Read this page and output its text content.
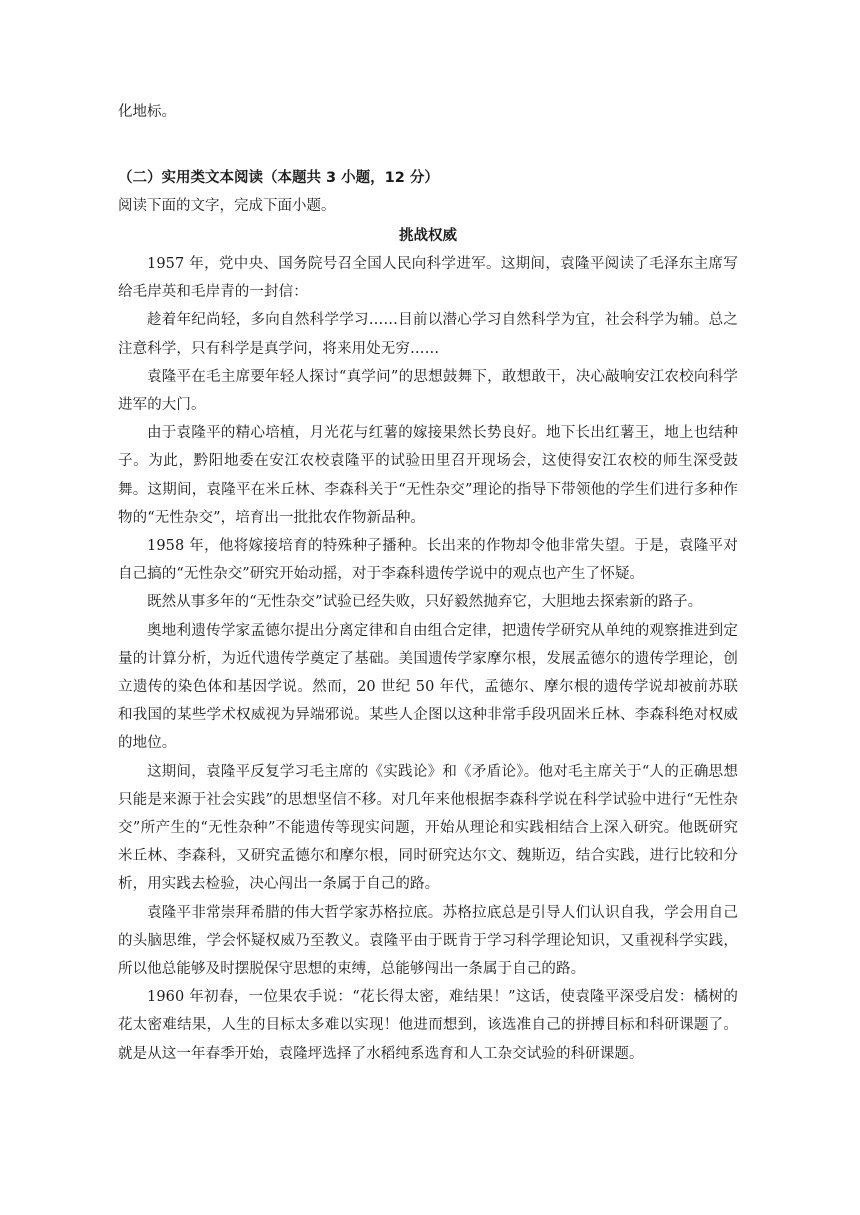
化地标。

（二）实用类文本阅读（本题共 3 小题，12 分）

阅读下面的文字，完成下面小题。

挑战权威

1957 年，党中央、国务院号召全国人民向科学进军。这期间，袁隆平阅读了毛泽东主席写给毛岸英和毛岸青的一封信：

趁着年纪尚轻，多向自然科学学习……目前以潜心学习自然科学为宜，社会科学为辅。总之注意科学，只有科学是真学问，将来用处无穷……

袁隆平在毛主席要年轻人探讨“真学问”的思想鼓舞下，敢想敢干，决心敲响安江农校向科学进军的大门。

由于袁隆平的精心培植，月光花与红薯的嫁接果然长势良好。地下长出红薯王，地上也结种子。为此，黔阳地委在安江农校袁隆平的试验田里召开现场会，这使得安江农校的师生深受鼓舞。这期间，袁隆平在米丘林、李森科关于“无性杂交”理论的指导下带领他的学生们进行多种作物的“无性杂交”，培育出一批批农作物新品种。

1958 年，他将嫁接培育的特殊种子播种。长出来的作物却令他非常失望。于是，袁隆平对自己搞的“无性杂交”研究开始动摇，对于李森科遗传学说中的观点也产生了怀疑。

既然从事多年的“无性杂交”试验已经失败，只好毅然抛弃它，大胆地去探索新的路子。

奥地利遗传学家孟德尔提出分离定律和自由组合定律，把遗传学研究从单纯的观察推进到定量的计算分析，为近代遗传学奠定了基础。美国遗传学家摩尔根，发展孟德尔的遗传学理论，创立遗传的染色体和基因学说。然而，20 世纪 50 年代，孟德尔、摩尔根的遗传学说却被前苏联和我国的某些学术权威视为异端邪说。某些人企图以这种非常手段巩固米丘林、李森科绝对权威的地位。

这期间，袁隆平反复学习毛主席的《实践论》和《矛盾论》。他对毛主席关于“人的正确思想只能是来源于社会实践”的思想坚信不移。对几年来他根据李森科学说在科学试验中进行“无性杂交”所产生的“无性杂种”不能遗传等现实问题，开始从理论和实践相结合上深入研究。他既研究米丘林、李森科，又研究孟德尔和摩尔根，同时研究达尔文、魏斯迈，结合实践，进行比较和分析，用实践去检验，决心闯出一条属于自己的路。

袁隆平非常崇拜希腊的伟大哲学家苏格拉底。苏格拉底总是引导人们认识自我，学会用自己的头脑思维，学会怀疑权威乃至教义。袁隆平由于既肯于学习科学理论知识，又重视科学实践，所以他总能够及时摆脱保守思想的束缚，总能够闯出一条属于自己的路。

1960 年初春，一位果农手说：“花长得太密，难结果！”这话，使袁隆平深受启发：橘树的花太密难结果，人生的目标太多难以实现！他进而想到，该选准自己的拼搏目标和科研课题了。就是从这一年春季开始，袁隆坪选择了水稻纯系选育和人工杂交试验的科研课题。
